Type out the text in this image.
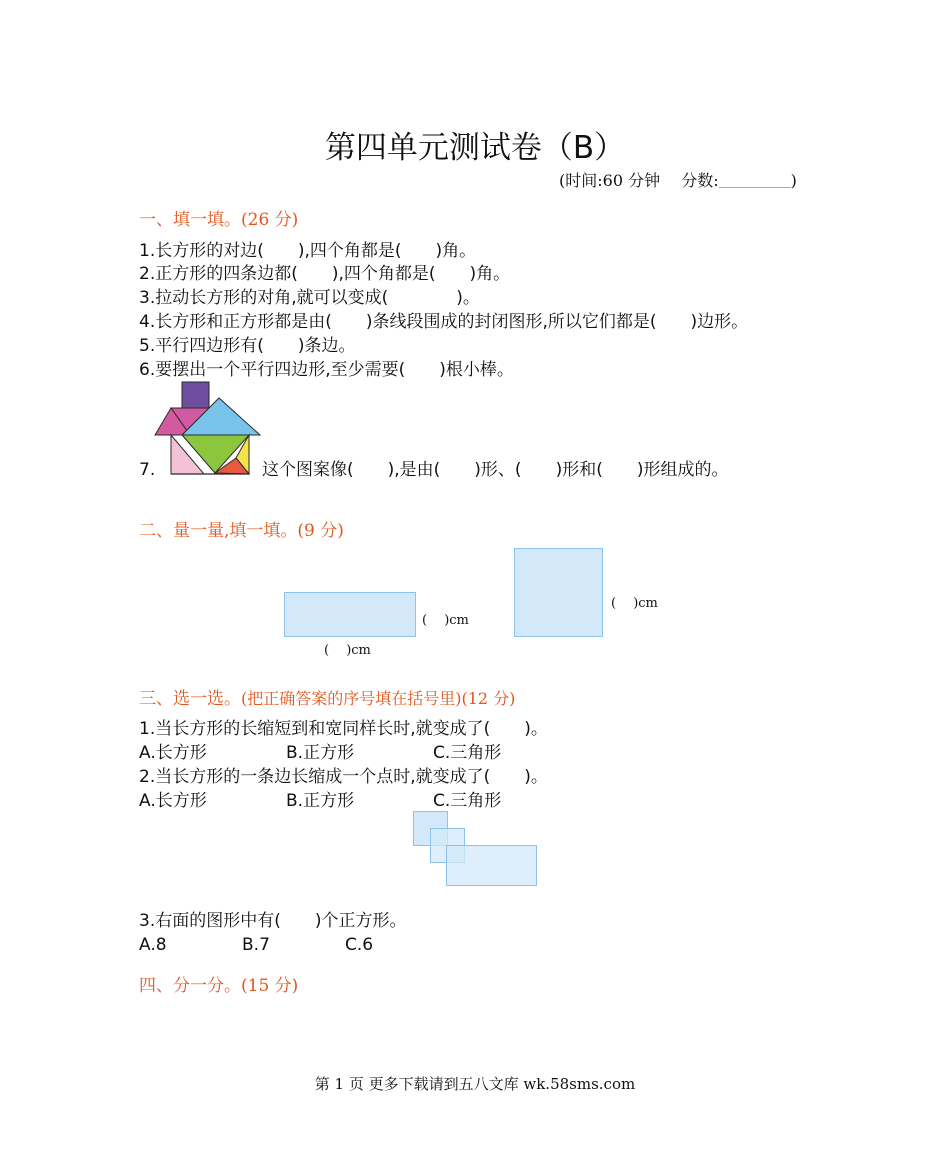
第四单元测试卷（B）
(时间:60 分钟　 分数:	)
一、填一填。(26 分)
1.长方形的对边(　　),四个角都是(　　)角。
2.正方形的四条边都(　　),四个角都是(　　)角。
3.拉动长方形的对角,就可以变成(　　　　)。
4.长方形和正方形都是由(　　)条线段围成的封闭图形,所以它们都是(　　)边形。
5.平行四边形有(　　)条边。
6.要摆出一个平行四边形,至少需要(　　)根小棒。
7.	这个图案像(　　),是由(　　)形、(　　)形和(　　)形组成的。
二、量一量,填一填。(9 分)
(　 )cm
(　 )cm
(　 )cm
三、选一选。(把正确答案的序号填在括号里)(12 分)
1.当长方形的长缩短到和宽同样长时,就变成了(　　)。
A.长方形	B.正方形	C.三角形
2.当长方形的一条边长缩成一个点时,就变成了(　　)。
A.长方形	B.正方形	C.三角形
3.右面的图形中有(　　)个正方形。
A.8	B.7	C.6
四、分一分。(15 分)
第 1 页 更多下载请到五八文库 wk.58sms.com
